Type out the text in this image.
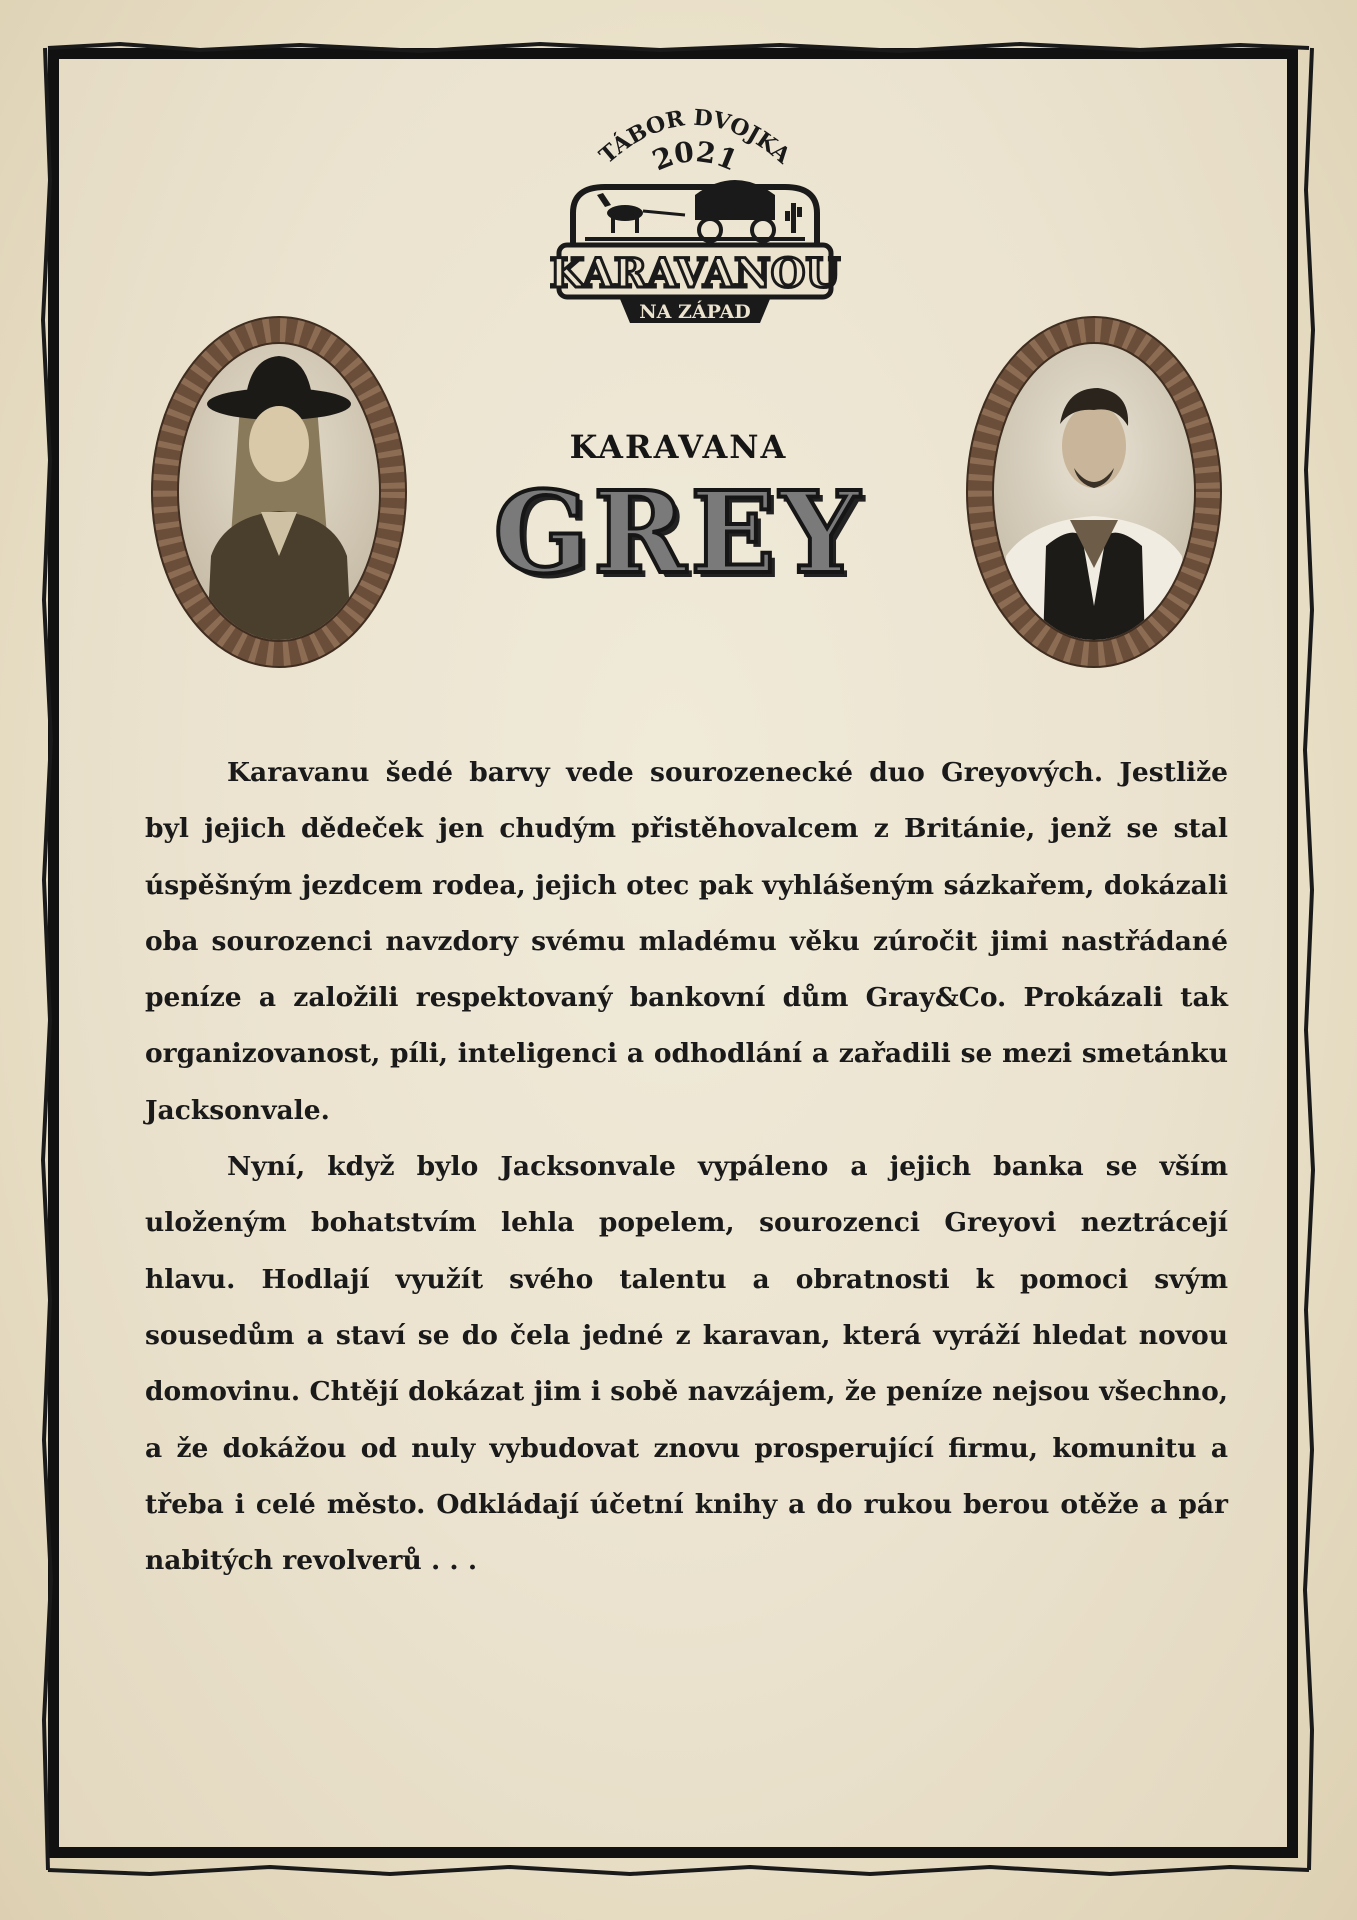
TÁBOR DVOJKA
2021
KARAVANOU
NA ZÁPAD
KARAVANA
GREY

Karavanu šedé barvy vede sourozenecké duo Greyových. Jestliže byl jejich dědeček jen chudým přistěhovalcem z Británie, jenž se stal úspěšným jezdcem rodea, jejich otec pak vyhlášeným sázkařem, dokázali oba sourozenci navzdory svému mladému věku zúročit jimi nastřádané peníze a založili respektovaný bankovní dům Gray&Co. Prokázali tak organizovanost, píli, inteligenci a odhodlání a zařadili se mezi smetánku Jacksonvale.

Nyní, když bylo Jacksonvale vypáleno a jejich banka se vším uloženým bohatstvím lehla popelem, sourozenci Greyovi neztrácejí hlavu. Hodlají využít svého talentu a obratnosti k pomoci svým sousedům a staví se do čela jedné z karavan, která vyráží hledat novou domovinu. Chtějí dokázat jim i sobě navzájem, že peníze nejsou všechno, a že dokážou od nuly vybudovat znovu prosperující firmu, komunitu a třeba i celé město. Odkládají účetní knihy a do rukou berou otěže a pár nabitých revolverů . . .
